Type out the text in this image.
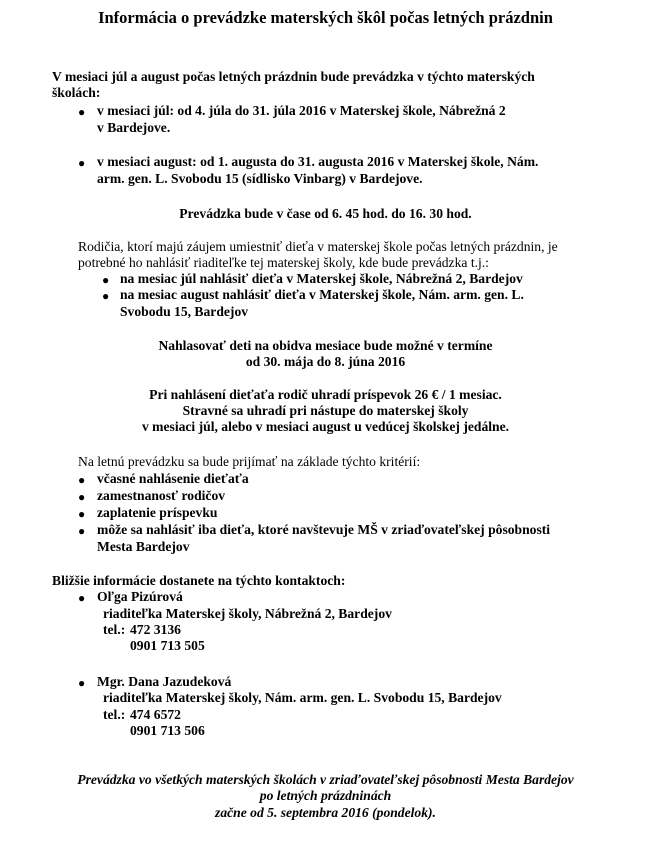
Informácia o prevádzke materských škôl počas letných prázdnin
V mesiaci júl a august počas letných prázdnin bude prevádzka v týchto materských
školách:
● v mesiaci júl: od 4. júla do 31. júla 2016 v Materskej škole, Nábrežná 2
v Bardejove.
● v mesiaci august: od 1. augusta do 31. augusta 2016 v Materskej škole, Nám.
arm. gen. L. Svobodu 15 (sídlisko Vinbarg) v Bardejove.
Prevádzka bude v čase od 6. 45 hod. do 16. 30 hod.
Rodičia, ktorí majú záujem umiestniť dieťa v materskej škole počas letných prázdnin, je
potrebné ho nahlásiť riaditeľke tej materskej školy, kde bude prevádzka t.j.:
● na mesiac júl nahlásiť dieťa v Materskej škole, Nábrežná 2, Bardejov
● na mesiac august nahlásiť dieťa v Materskej škole, Nám. arm. gen. L.
Svobodu 15, Bardejov
Nahlasovať deti na obidva mesiace bude možné v termíne
od 30. mája do 8. júna 2016
Pri nahlásení dieťaťa rodič uhradí príspevok 26 € / 1 mesiac.
Stravné sa uhradí pri nástupe do materskej školy
v mesiaci júl, alebo v mesiaci august u vedúcej školskej jedálne.
Na letnú prevádzku sa bude prijímať na základe týchto kritérií:
● včasné nahlásenie dieťaťa
● zamestnanosť rodičov
● zaplatenie príspevku
● môže sa nahlásiť iba dieťa, ktoré navštevuje MŠ v zriaďovateľskej pôsobnosti
Mesta Bardejov
Bližšie informácie dostanete na týchto kontaktoch:
● Oľga Pizúrová
riaditeľka Materskej školy, Nábrežná 2, Bardejov
tel.: 472 3136
0901 713 505
● Mgr. Dana Jazudeková
riaditeľka Materskej školy, Nám. arm. gen. L. Svobodu 15, Bardejov
tel.: 474 6572
0901 713 506
Prevádzka vo všetkých materských školách v zriaďovateľskej pôsobnosti Mesta Bardejov
po letných prázdninách
začne od 5. septembra 2016 (pondelok).
